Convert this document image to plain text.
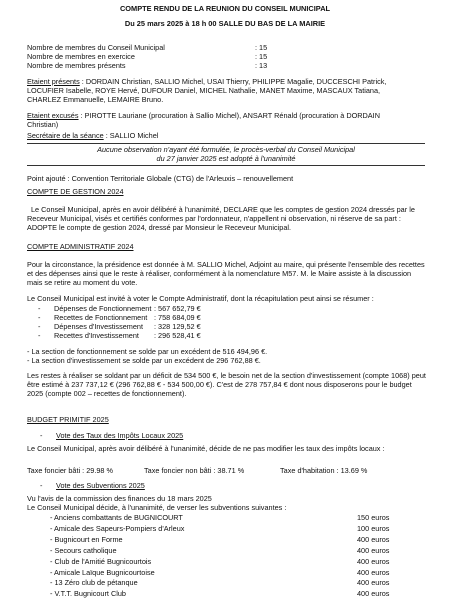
COMPTE RENDU DE LA REUNION DU CONSEIL MUNICIPAL
Du 25 mars 2025 à 18 h 00 SALLE DU BAS DE LA MAIRIE
Nombre de membres du Conseil Municipal	: 15
Nombre de membres en exercice	: 15
Nombre de membres présents	: 13
Etaient présents : DORDAIN Christian, SALLIO Michel, USAI Thierry, PHILIPPE Magalie, DUCCESCHI Patrick,
LOCUFIER Isabelle, ROYE Hervé, DUFOUR Daniel, MICHEL Nathalie, MANET Maxime, MASCAUX Tatiana,
CHARLEZ Emmanuelle, LEMAIRE Bruno.
Etaient excusés : PIROTTE Lauriane (procuration à Sallio Michel), ANSART Rénald (procuration à DORDAIN
Christian)
Secrétaire de la séance : SALLIO Michel
Aucune observation n'ayant été formulée, le procès-verbal du Conseil Municipal
du 27 janvier 2025 est adopté à l'unanimité
Point ajouté : Convention Territoriale Globale (CTG) de l'Arleuxis – renouvellement
COMPTE DE GESTION 2024
Le Conseil Municipal, après en avoir délibéré à l'unanimité, DECLARE que les comptes de gestion 2024 dressés par le Receveur Municipal, visés et certifiés conformes par l'ordonnateur, n'appellent ni observation, ni réserve de sa part : ADOPTE le compte de gestion 2024, dressé par Monsieur le Receveur Municipal.
COMPTE ADMINISTRATIF 2024
Pour la circonstance, la présidence est donnée à M. SALLIO Michel, Adjoint au maire, qui présente l'ensemble des recettes et des dépenses ainsi que le reste à réaliser, conformément à la nomenclature M57. M. le Maire assiste à la discussion mais se retire au moment du vote.
Le Conseil Municipal est invité à voter le Compte Administratif, dont la récapitulation peut ainsi se résumer :
- Dépenses de Fonctionnement : 567 652,79 €
- Recettes de Fonctionnement : 758 684,09 €
- Dépenses d'Investissement : 328 129,52 €
- Recettes d'Investissement : 296 528,41 €
- La section de fonctionnement se solde par un excédent de 516 494,96 €.
- La section d'investissement se solde par un excédent de 296 762,88 €.
Les restes à réaliser se soldant par un déficit de 534 500 €, le besoin net de la section d'investissement (compte 1068) peut être estimé à 237 737,12 € (296 762,88 € - 534 500,00 €). C'est de 278 757,84 € dont nous disposerons pour le budget 2025 (compte 002 – recettes de fonctionnement).
BUDGET PRIMITIF 2025
- Vote des Taux des Impôts Locaux 2025
Le Conseil Municipal, après avoir délibéré à l'unanimité, décide de ne pas modifier les taux des impôts locaux :
Taxe foncier bâti : 29.98 %	Taxe foncier non bâti : 38.71 %	Taxe d'habitation : 13.69 %
- Vote des Subventions 2025
Vu l'avis de la commission des finances du 18 mars 2025
Le Conseil Municipal décide, à l'unanimité, de verser les subventions suivantes :
- Anciens combattants de BUGNICOURT	150 euros
- Amicale des Sapeurs-Pompiers d'Arleux	100 euros
- Bugnicourt en Forme	400 euros
- Secours catholique	400 euros
- Club de l'Amitié Bugnicourtois	400 euros
- Amicale Laïque Bugnicourtoise	400 euros
- 13 Zéro club de pétanque	400 euros
- V.T.T. Bugnicourt Club	400 euros
